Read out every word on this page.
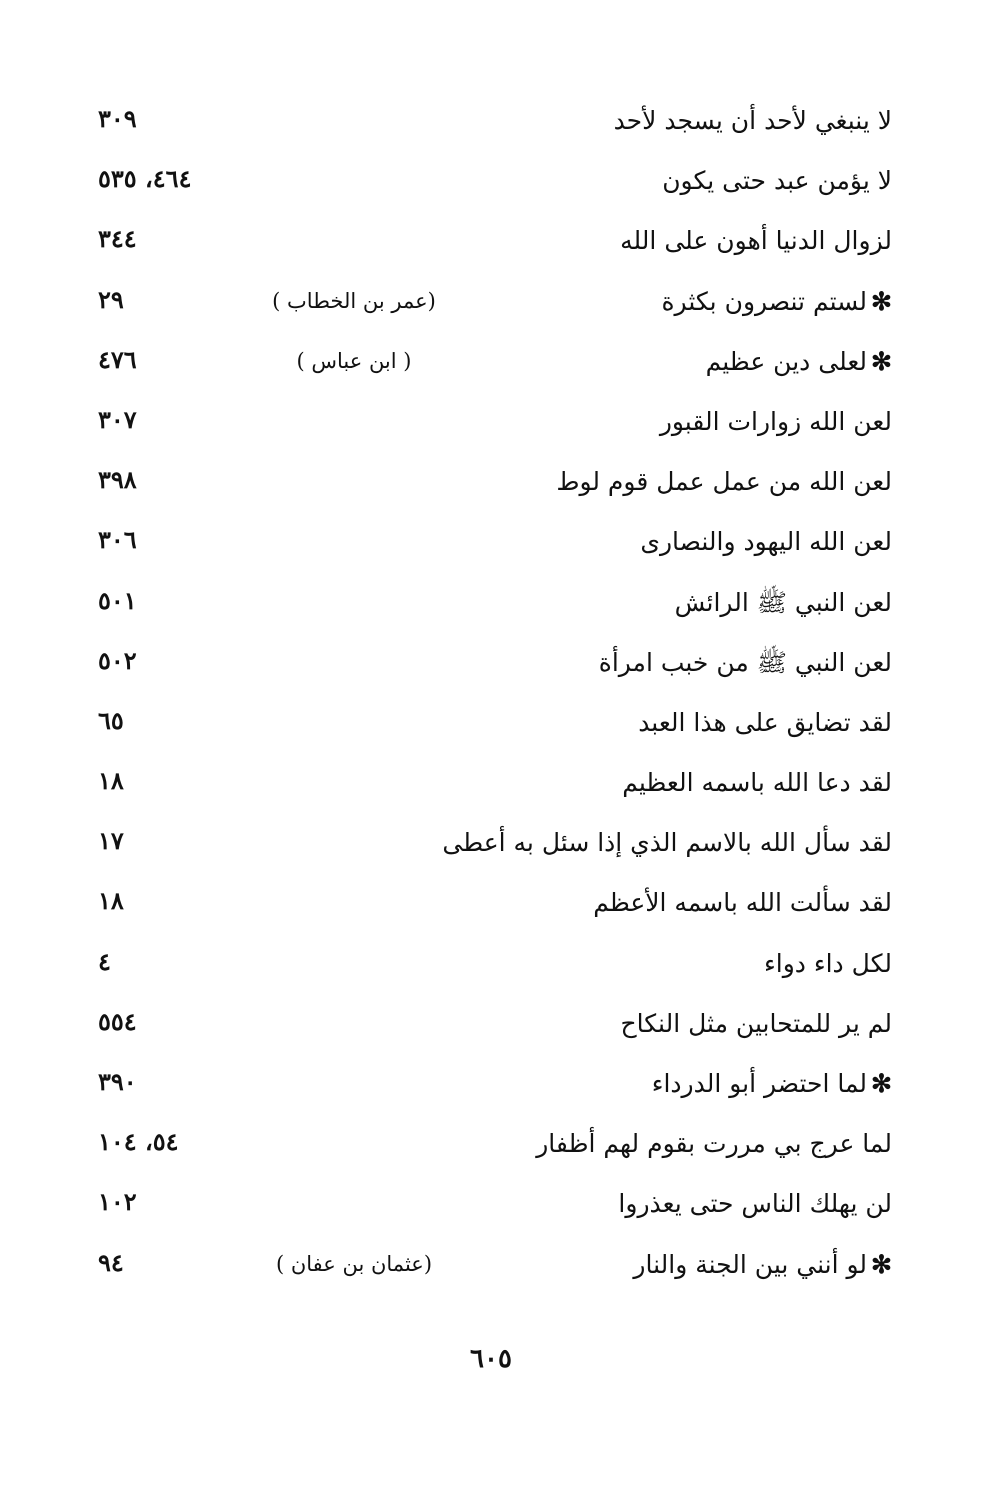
لا ينبغي لأحد أن يسجد لأحد
٣٠٩
لا يؤمن عبد حتى يكون
٤٦٤، ٥٣٥
لزوال الدنيا أهون على الله
٣٤٤
✻لستم تنصرون بكثرة
(عمر بن الخطاب )
٢٩
✻لعلى دين عظيم
( ابن عباس )
٤٧٦
لعن الله زوارات القبور
٣٠٧
لعن الله من عمل عمل قوم لوط
٣٩٨
لعن الله اليهود والنصارى
٣٠٦
لعن النبي ﷺ الرائش
٥٠١
لعن النبي ﷺ من خبب امرأة
٥٠٢
لقد تضايق على هذا العبد
٦٥
لقد دعا الله باسمه العظيم
١٨
لقد سأل الله بالاسم الذي إذا سئل به أعطى
١٧
لقد سألت الله باسمه الأعظم
١٨
لكل داء دواء
٤
لم ير للمتحابين مثل النكاح
٥٥٤
✻لما احتضر أبو الدرداء
٣٩٠
لما عرج بي مررت بقوم لهم أظفار
٥٤، ١٠٤
لن يهلك الناس حتى يعذروا
١٠٢
✻لو أنني بين الجنة والنار
(عثمان بن عفان )
٩٤
٦٠٥
